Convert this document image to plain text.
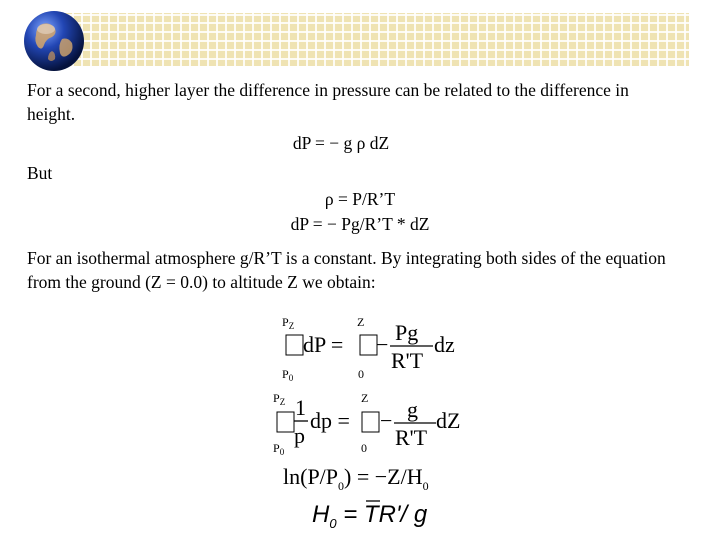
For a second, higher layer the difference in pressure can be related to the difference in height.
dP = − g ρ dZ
But
ρ = P/R’T
dP = − Pg/R’T * dZ
For an isothermal atmosphere g/R’T is a constant. By integrating both sides of the equation from the ground (Z = 0.0) to altitude Z we obtain:
$P_Z$
dP =
$P_0$
Z
0
− Pg
R'T
dz
$P_Z$
$P_0$
1
p
dp =
Z
0
− g
R'T
dZ
$\ln(P/P_0) = -Z/H_0$
$H_0 = TR'/$ g
